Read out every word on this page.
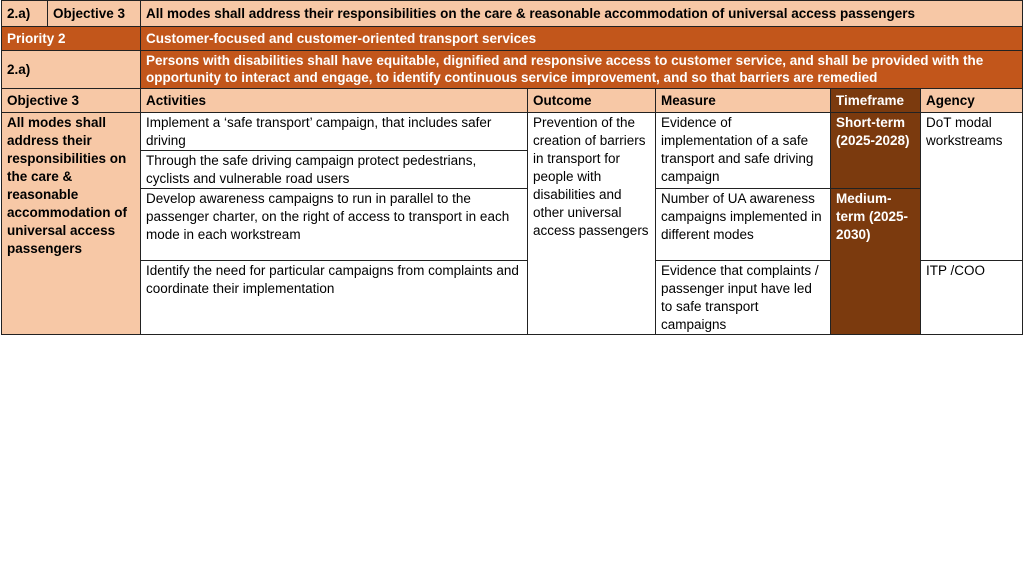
2.a)	Objective 3	All modes shall address their responsibilities on the care & reasonable accommodation of universal access passengers
Priority 2	Customer-focused and customer-oriented transport services
2.a)	Persons with disabilities shall have equitable, dignified and responsive access to customer service, and shall be provided with the opportunity to interact and engage, to identify continuous service improvement, and so that barriers are remedied
Objective 3	Activities	Outcome	Measure	Timeframe	Agency
All modes shall address their responsibilities on the care & reasonable accommodation of universal access passengers	Implement a ‘safe transport’ campaign, that includes safer driving	Prevention of the creation of barriers in transport for people with disabilities and other universal access passengers	Evidence of implementation of a safe transport and safe driving campaign	Short-term (2025-2028)	DoT modal workstreams
	Through the safe driving campaign protect pedestrians, cyclists and vulnerable road users				
	Develop awareness campaigns to run in parallel to the passenger charter, on the right of access to transport in each mode in each workstream		Number of UA awareness campaigns implemented in different modes	Medium-term (2025-2030)	
	Identify the need for particular campaigns from complaints and coordinate their implementation		Evidence that complaints / passenger input have led to safe transport campaigns		ITP /COO
